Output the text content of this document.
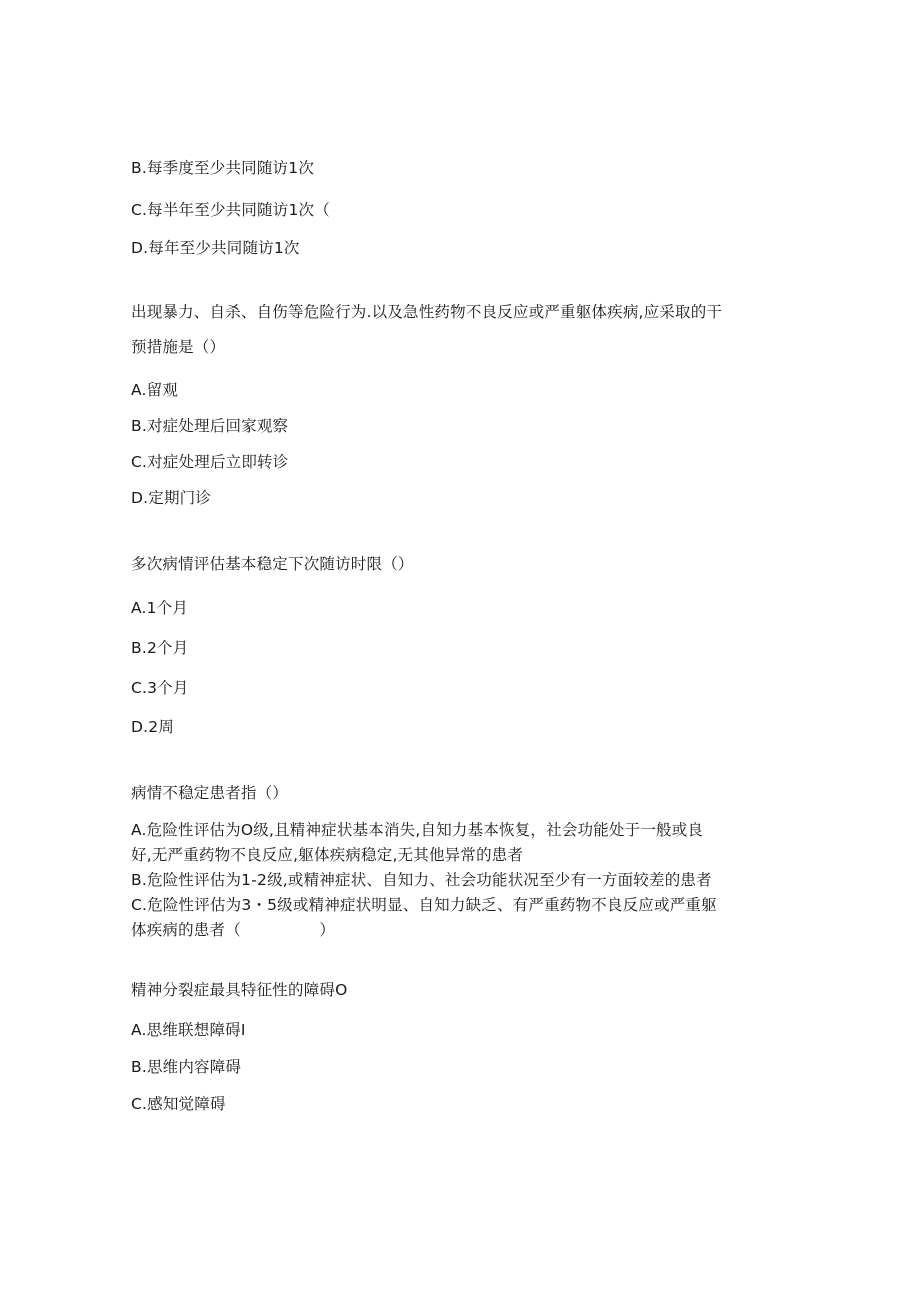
B.每季度至少共同随访1次
C.每半年至少共同随访1次（
D.每年至少共同随访1次
出现暴力、自杀、自伤等危险行为.以及急性药物不良反应或严重躯体疾病,应采取的干
预措施是（）
A.留观
B.对症处理后回家观察
C.对症处理后立即转诊
D.定期门诊
多次病情评估基本稳定下次随访时限（）
A.1个月
B.2个月
C.3个月
D.2周
病情不稳定患者指（）
A.危险性评估为O级,且精神症状基本消失,自知力基本恢复，社会功能处于一般或良
好,无严重药物不良反应,躯体疾病稳定,无其他异常的患者
B.危险性评估为1-2级,或精神症状、自知力、社会功能状况至少有一方面较差的患者
C.危险性评估为3・5级或精神症状明显、自知力缺乏、有严重药物不良反应或严重躯
体疾病的患者（　　　　　）
精神分裂症最具特征性的障碍O
A.思维联想障碍I
B.思维内容障碍
C.感知觉障碍
